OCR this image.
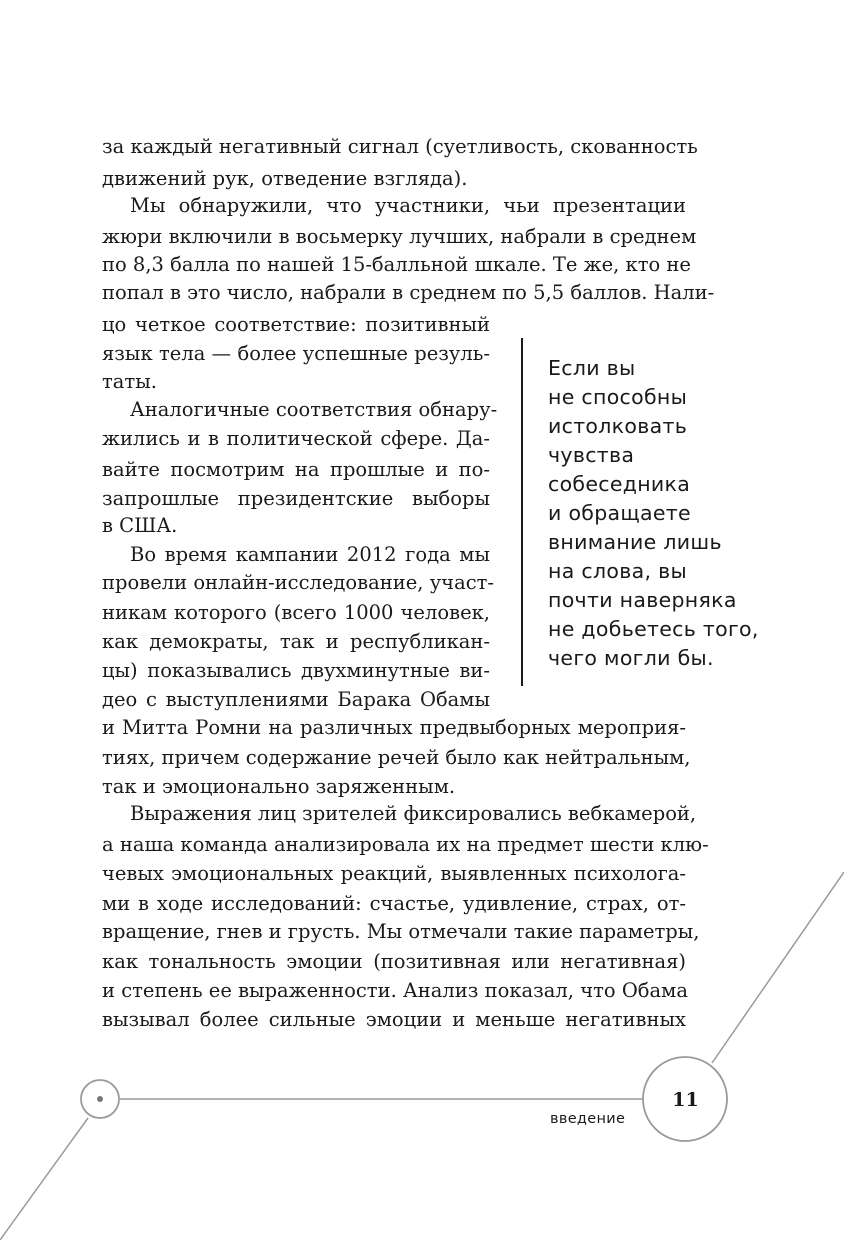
за каждый негативный сигнал (суетливость, скованность
движений рук, отведение взгляда).
Мы обнаружили, что участники, чьи презентации
жюри включили в восьмерку лучших, набрали в среднем
по 8,3 балла по нашей 15-балльной шкале. Те же, кто не
попал в это число, набрали в среднем по 5,5 баллов. Нали-
цо четкое соответствие: позитивный
язык тела — более успешные резуль-
таты.
Аналогичные соответствия обнару-
жились и в политической сфере. Да-
вайте посмотрим на прошлые и по-
запрошлые президентские выборы
в США.
Во время кампании 2012 года мы
провели онлайн-исследование, участ-
никам которого (всего 1000 человек,
как демократы, так и республикан-
цы) показывались двухминутные ви-
део с выступлениями Барака Обамы
и Митта Ромни на различных предвыборных мероприя-
тиях, причем содержание речей было как нейтральным,
так и эмоционально заряженным.
Выражения лиц зрителей фиксировались вебкамерой,
а наша команда анализировала их на предмет шести клю-
чевых эмоциональных реакций, выявленных психолога-
ми в ходе исследований: счастье, удивление, страх, от-
вращение, гнев и грусть. Мы отмечали такие параметры,
как тональность эмоции (позитивная или негативная)
и степень ее выраженности. Анализ показал, что Обама
вызывал более сильные эмоции и меньше негативных
Если вы
не способны
истолковать
чувства
собеседника
и обращаете
внимание лишь
на слова, вы
почти наверняка
не добьетесь того,
чего могли бы.
11
введение
